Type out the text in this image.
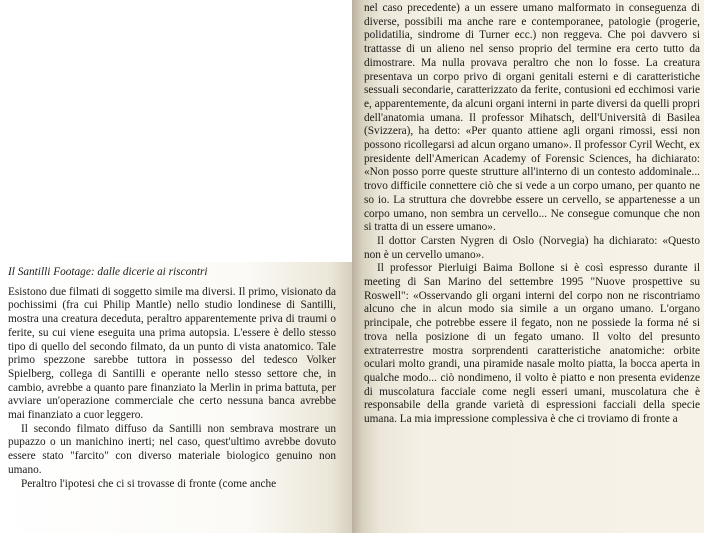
Il Santilli Footage: dalle dicerie ai riscontri

Esistono due filmati di soggetto simile ma diversi. Il primo, visionato da pochissimi (fra cui Philip Mantle) nello studio londinese di Santilli, mostra una creatura deceduta, peraltro apparentemente priva di traumi o ferite, su cui viene eseguita una prima autopsia. L'essere è dello stesso tipo di quello del secondo filmato, da un punto di vista anatomico. Tale primo spezzone sarebbe tuttora in possesso del tedesco Volker Spielberg, collega di Santilli e operante nello stesso settore che, in cambio, avrebbe a quanto pare finanziato la Merlin in prima battuta, per avviare un'operazione commerciale che certo nessuna banca avrebbe mai finanziato a cuor leggero.

Il secondo filmato diffuso da Santilli non sembrava mostrare un pupazzo o un manichino inerti; nel caso, quest'ultimo avrebbe dovuto essere stato "farcito" con diverso materiale biologico genuino non umano.

Peraltro l'ipotesi che ci si trovasse di fronte (come anche

nel caso precedente) a un essere umano malformato in conseguenza di diverse, possibili ma anche rare e contemporanee, patologie (progerie, polidatilia, sindrome di Turner ecc.) non reggeva. Che poi davvero si trattasse di un alieno nel senso proprio del termine era certo tutto da dimostrare. Ma nulla provava peraltro che non lo fosse. La creatura presentava un corpo privo di organi genitali esterni e di caratteristiche sessuali secondarie, caratterizzato da ferite, contusioni ed ecchimosi varie e, apparentemente, da alcuni organi interni in parte diversi da quelli propri dell'anatomia umana. Il professor Mihatsch, dell'Università di Basilea (Svizzera), ha detto: «Per quanto attiene agli organi rimossi, essi non possono ricollegarsi ad alcun organo umano». Il professor Cyril Wecht, ex presidente dell'American Academy of Forensic Sciences, ha dichiarato: «Non posso porre queste strutture all'interno di un contesto addominale... trovo difficile connettere ciò che si vede a un corpo umano, per quanto ne so io. La struttura che dovrebbe essere un cervello, se appartenesse a un corpo umano, non sembra un cervello... Ne consegue comunque che non si tratta di un essere umano».

Il dottor Carsten Nygren di Oslo (Norvegia) ha dichiarato: «Questo non è un cervello umano».

Il professor Pierluigi Baima Bollone si è così espresso durante il meeting di San Marino del settembre 1995 "Nuove prospettive su Roswell": «Osservando gli organi interni del corpo non ne riscontriamo alcuno che in alcun modo sia simile a un organo umano. L'organo principale, che potrebbe essere il fegato, non ne possiede la forma né si trova nella posizione di un fegato umano. Il volto del presunto extraterrestre mostra sorprendenti caratteristiche anatomiche: orbite oculari molto grandi, una piramide nasale molto piatta, la bocca aperta in qualche modo... ciò nondimeno, il volto è piatto e non presenta evidenze di muscolatura facciale come negli esseri umani, muscolatura che è responsabile della grande varietà di espressioni facciali della specie umana. La mia impressione complessiva è che ci troviamo di fronte a
